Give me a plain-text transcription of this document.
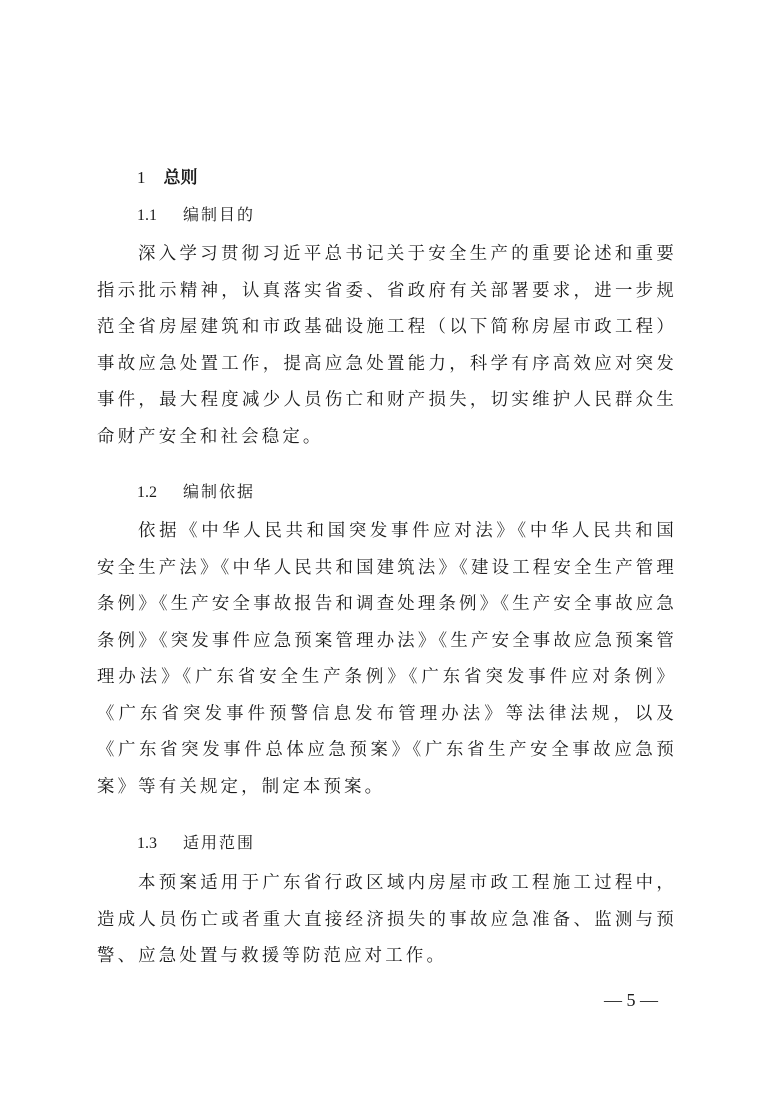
1 总则
1.1 编制目的

深入学习贯彻习近平总书记关于安全生产的重要论述和重要指示批示精神，认真落实省委、省政府有关部署要求，进一步规范全省房屋建筑和市政基础设施工程（以下简称房屋市政工程）事故应急处置工作，提高应急处置能力，科学有序高效应对突发事件，最大程度减少人员伤亡和财产损失，切实维护人民群众生命财产安全和社会稳定。

1.2 编制依据

依据《中华人民共和国突发事件应对法》《中华人民共和国安全生产法》《中华人民共和国建筑法》《建设工程安全生产管理条例》《生产安全事故报告和调查处理条例》《生产安全事故应急条例》《突发事件应急预案管理办法》《生产安全事故应急预案管理办法》《广东省安全生产条例》《广东省突发事件应对条例》《广东省突发事件预警信息发布管理办法》等法律法规，以及《广东省突发事件总体应急预案》《广东省生产安全事故应急预案》等有关规定，制定本预案。

1.3 适用范围

本预案适用于广东省行政区域内房屋市政工程施工过程中，造成人员伤亡或者重大直接经济损失的事故应急准备、监测与预警、应急处置与救援等防范应对工作。

— 5 —
